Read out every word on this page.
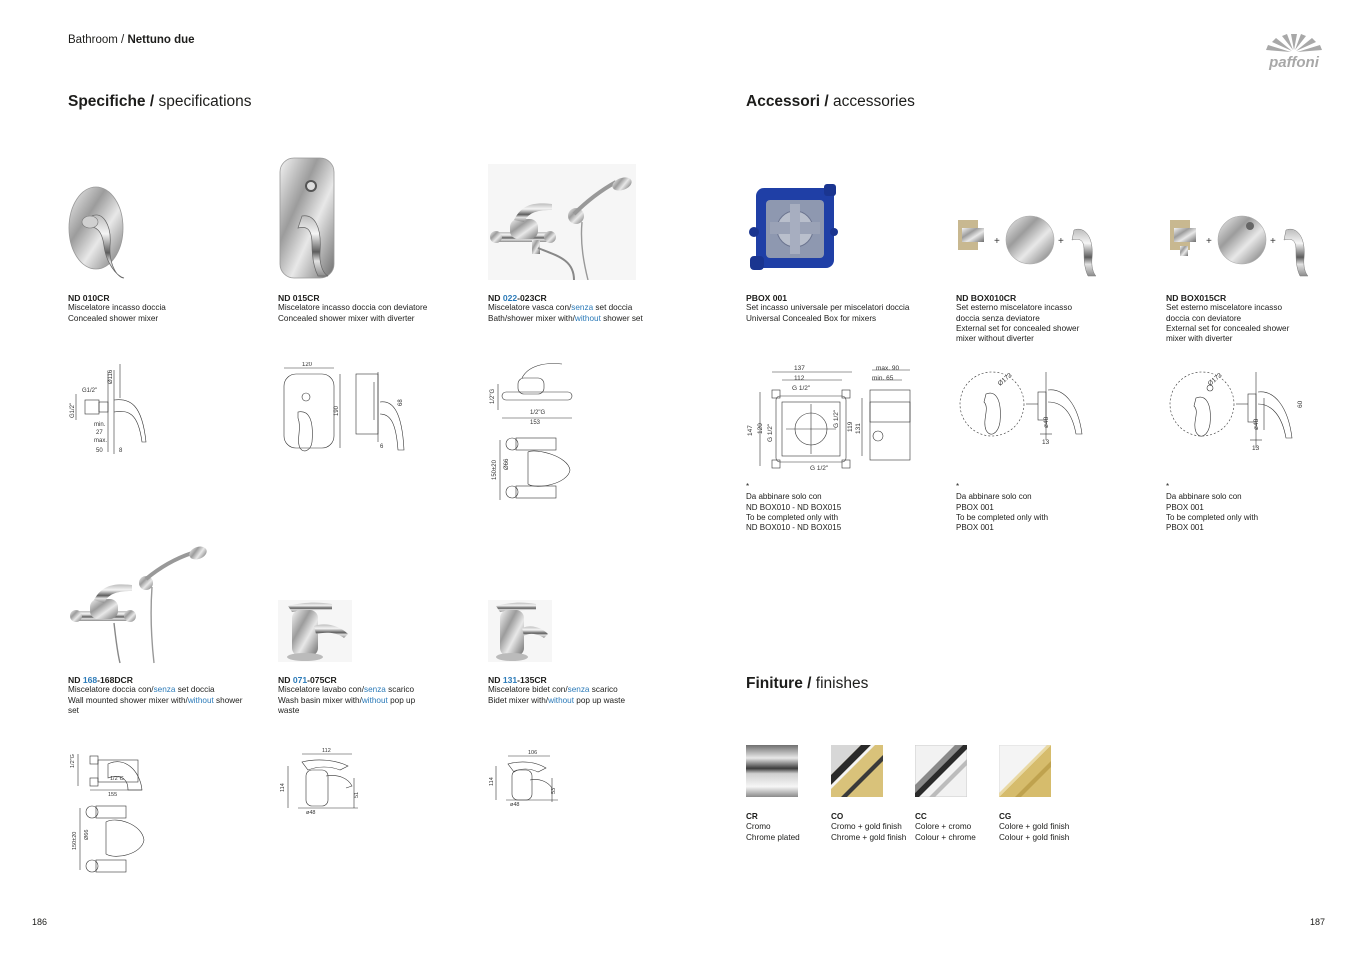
Bathroom / Nettuno due
paffoni
Specifiche / specifications	Accessori / accessories
Finiture / finishes
ND 010CR
Miscelatore incasso doccia
Concealed shower mixer
G1/2"
G1/2"
Ø116
min.
27
max.
50	8
ND 015CR
Miscelatore incasso doccia con deviatore
Concealed shower mixer with diverter
120
190
68
6
ND 022-023CR
Miscelatore vasca con/senza set doccia
Bath/shower mixer with/without shower set
1/2"G
1/2"G
153
150±20 Ø66
ND 168-168DCR
Miscelatore doccia con/senza set doccia
Wall mounted shower mixer with/without shower set
1/2"G
1/2"G
155
150±20 Ø66
ND 071-075CR
Miscelatore lavabo con/senza scarico
Wash basin mixer with/without pop up waste
112
114
51
ø48
ND 131-135CR
Miscelatore bidet con/senza scarico
Bidet mixer with/without pop up waste
106
114
53
ø48
PBOX 001
Set incasso universale per miscelatori doccia
Universal Concealed Box for mixers
137
112
G 1/2"
max. 90
min. 65
147 120 G 1/2"
G 1/2" 119 131
G 1/2"
*
Da abbinare solo con
ND BOX010 - ND BOX015
To be completed only with
ND BOX010 - ND BOX015
+	+
ND BOX010CR
Set esterno miscelatore incasso doccia senza deviatore
External set for concealed shower mixer without diverter
Ø173
ø48
13
*
Da abbinare solo con
PBOX 001
To be completed only with
PBOX 001
+	+
ND BOX015CR
Set esterno miscelatore incasso doccia con deviatore
External set for concealed shower mixer with diverter
Ø173
ø48
60
13
*
Da abbinare solo con
PBOX 001
To be completed only with
PBOX 001
CR
Cromo
Chrome plated
CO
Cromo + gold finish
Chrome + gold finish
CC
Colore + cromo
Colour + chrome
CG
Colore + gold finish
Colour + gold finish
186	187
